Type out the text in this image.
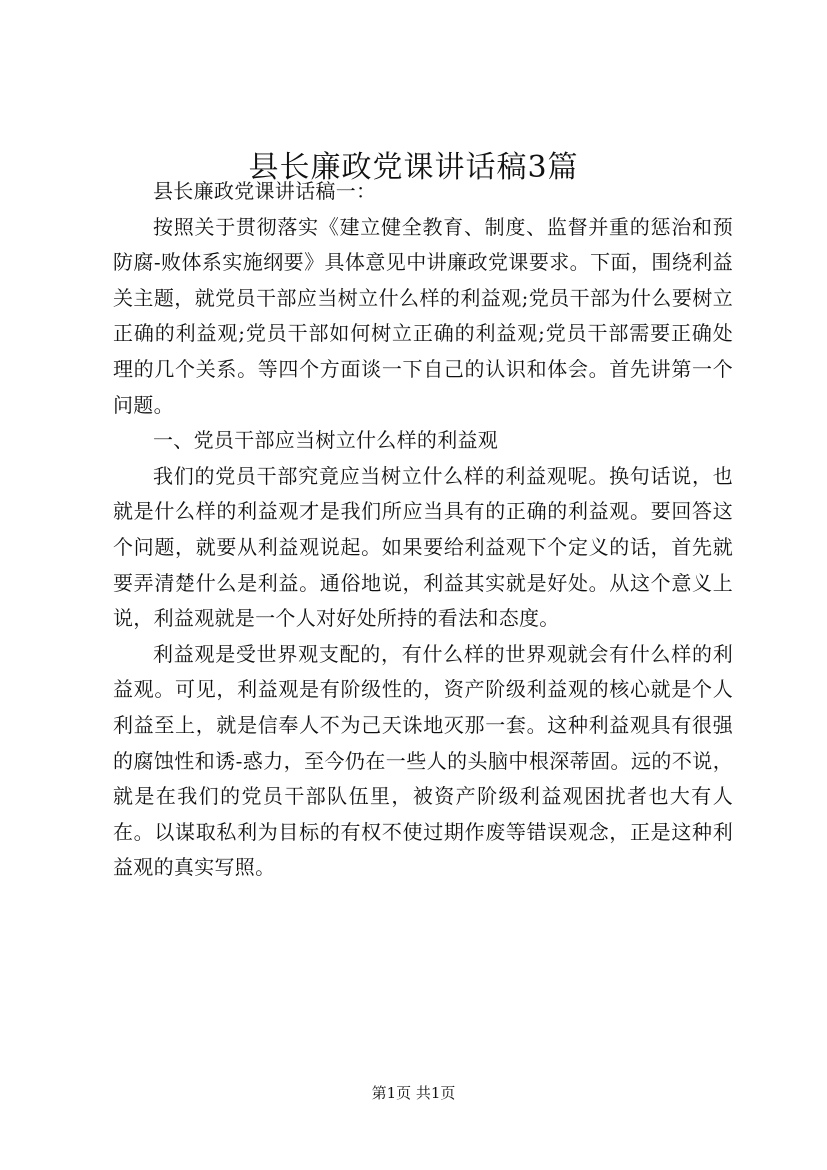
县长廉政党课讲话稿3篇

县长廉政党课讲话稿一：

按照关于贯彻落实《建立健全教育、制度、监督并重的惩治和预防腐-败体系实施纲要》具体意见中讲廉政党课要求。下面，围绕利益关主题，就党员干部应当树立什么样的利益观;党员干部为什么要树立正确的利益观;党员干部如何树立正确的利益观;党员干部需要正确处理的几个关系。等四个方面谈一下自己的认识和体会。首先讲第一个问题。

一、党员干部应当树立什么样的利益观

我们的党员干部究竟应当树立什么样的利益观呢。换句话说，也就是什么样的利益观才是我们所应当具有的正确的利益观。要回答这个问题，就要从利益观说起。如果要给利益观下个定义的话，首先就要弄清楚什么是利益。通俗地说，利益其实就是好处。从这个意义上说，利益观就是一个人对好处所持的看法和态度。

利益观是受世界观支配的，有什么样的世界观就会有什么样的利益观。可见，利益观是有阶级性的，资产阶级利益观的核心就是个人利益至上，就是信奉人不为己天诛地灭那一套。这种利益观具有很强的腐蚀性和诱-惑力，至今仍在一些人的头脑中根深蒂固。远的不说，就是在我们的党员干部队伍里，被资产阶级利益观困扰者也大有人在。以谋取私利为目标的有权不使过期作废等错误观念，正是这种利益观的真实写照。

第1页 共1页
